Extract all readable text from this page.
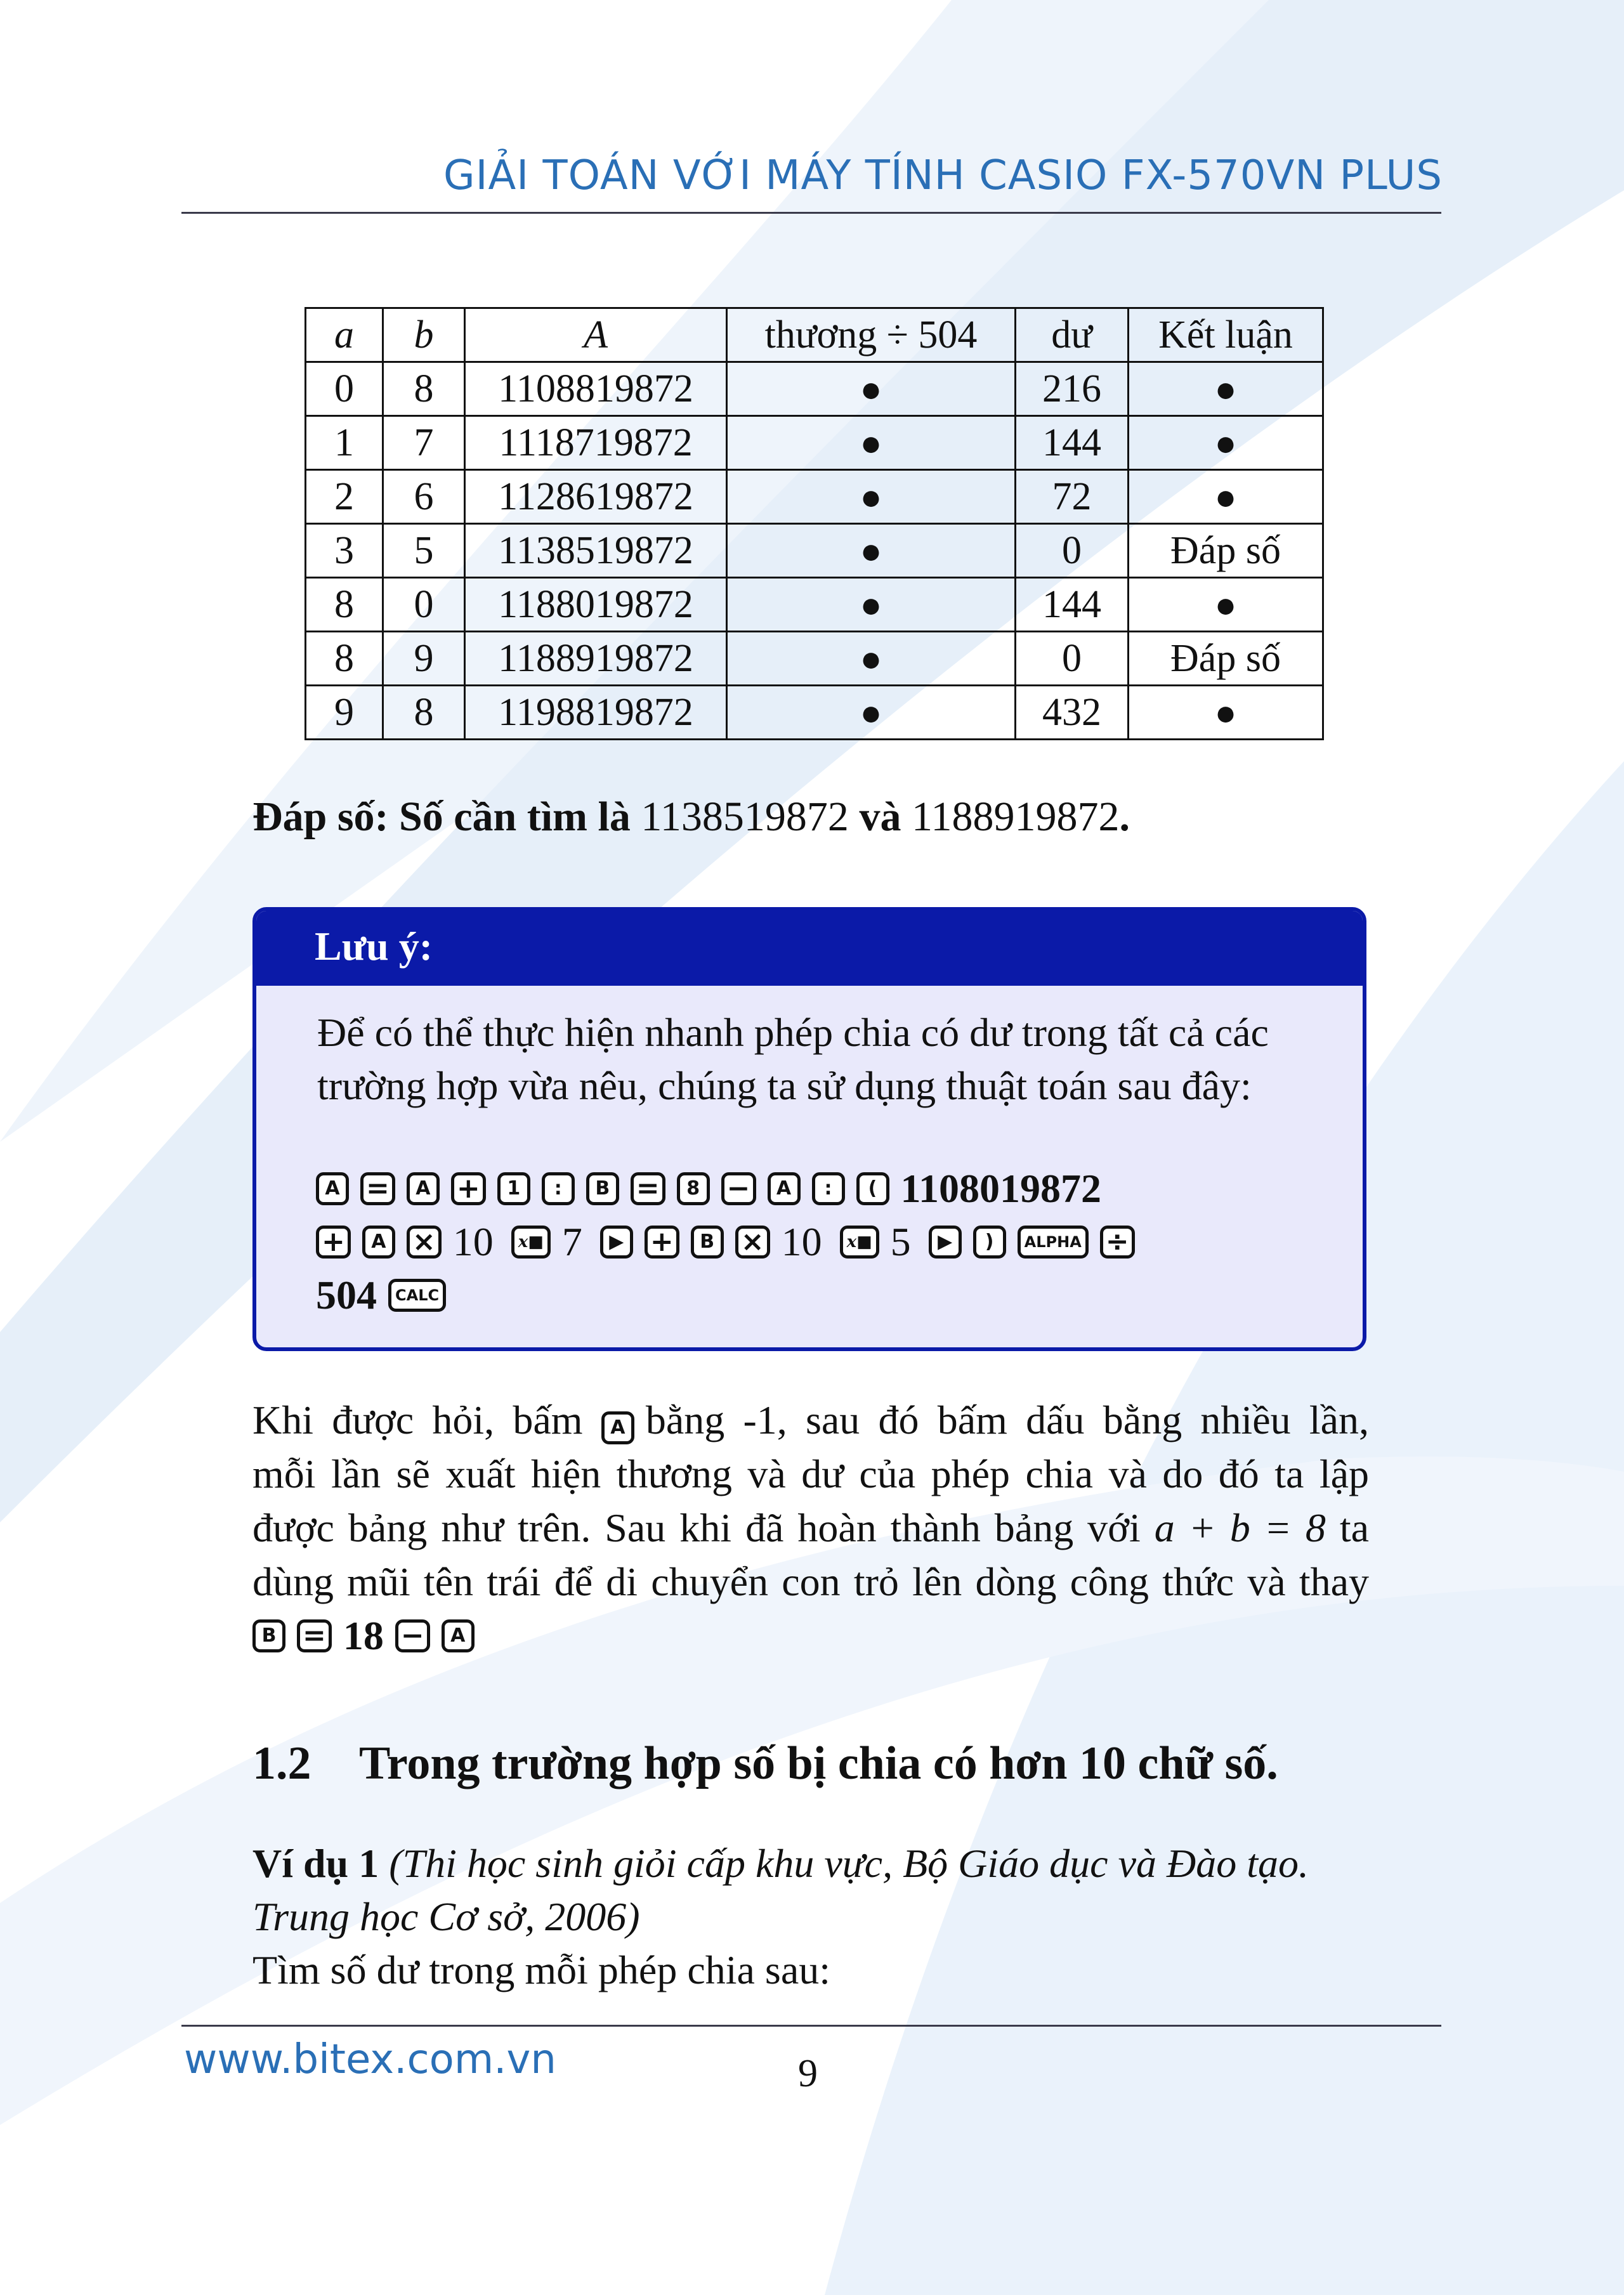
GIẢI TOÁN VỚI MÁY TÍNH CASIO FX-570VN PLUS
a	b	A	thương ÷ 504	dư	Kết luận
0	8	1108819872	●	216	●
1	7	1118719872	●	144	●
2	6	1128619872	●	72	●
3	5	1138519872	●	0	Đáp số
8	0	1188019872	●	144	●
8	9	1188919872	●	0	Đáp số
9	8	1198819872	●	432	●
Đáp số: Số cần tìm là 1138519872 và 1188919872.
Lưu ý:
Để có thể thực hiện nhanh phép chia có dư trong tất cả các
trường hợp vừa nêu, chúng ta sử dụng thuật toán sau đây:
A =	A +	1	:	B =	8 −	A	:	( 1108019872
+	A × 10	x■ 7	▶ +	B × 10	x■ 5	▶	)	ALPHA ÷
504	CALC
Khi được hỏi, bấm A bằng -1, sau đó bấm dấu bằng nhiều lần,
mỗi lần sẽ xuất hiện thương và dư của phép chia và do đó ta lập
được bảng như trên. Sau khi đã hoàn thành bảng với a + b = 8 ta
dùng mũi tên trái để di chuyển con trỏ lên dòng công thức và thay
B = 18 −	A
1.2 Trong trường hợp số bị chia có hơn 10 chữ số.
Ví dụ 1 (Thi học sinh giỏi cấp khu vực, Bộ Giáo dục và Đào tạo.
Trung học Cơ sở, 2006)
Tìm số dư trong mỗi phép chia sau:
www.bitex.com.vn	9
